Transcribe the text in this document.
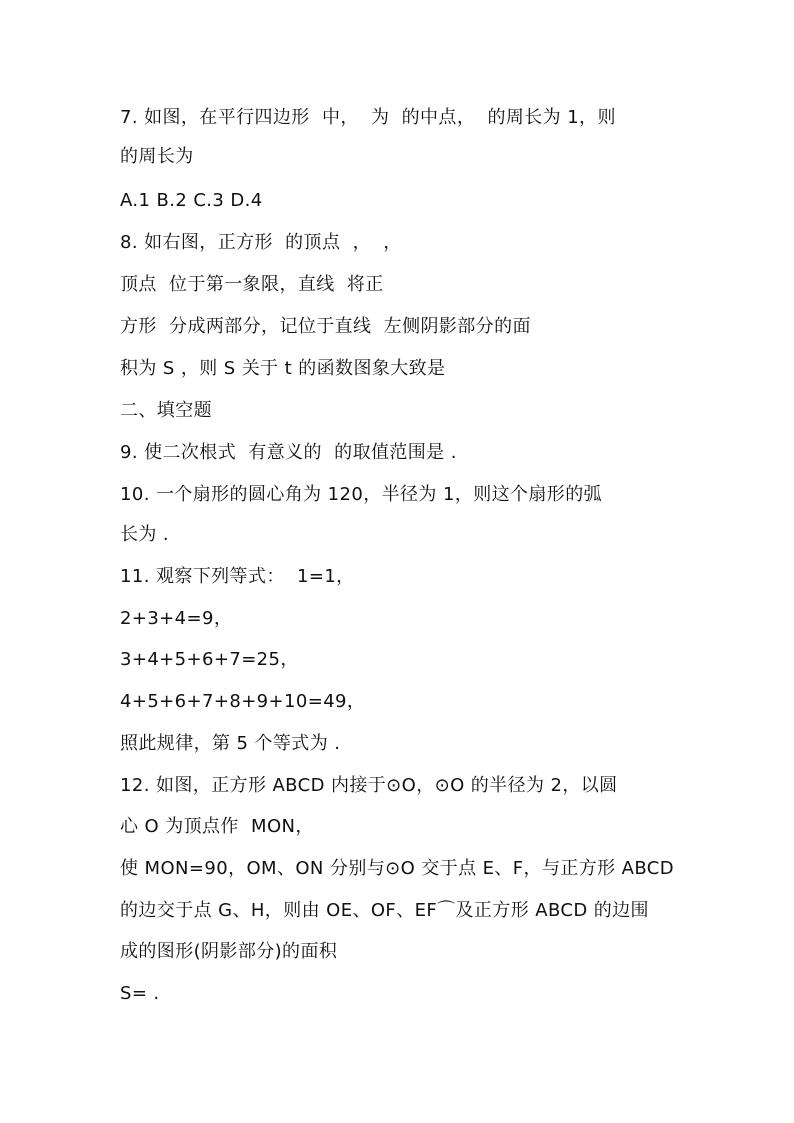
7. 如图，在平行四边形  中，  为  的中点，  的周长为 1，则
的周长为
A.1 B.2 C.3 D.4
8. 如右图，正方形  的顶点  ，  ，
顶点  位于第一象限，直线  将正
方形  分成两部分，记位于直线  左侧阴影部分的面
积为 S ，则 S 关于 t 的函数图象大致是
二、填空题
9. 使二次根式  有意义的  的取值范围是 .
10. 一个扇形的圆心角为 120，半径为 1，则这个扇形的弧
长为 .
11. 观察下列等式：  1=1，
2+3+4=9，
3+4+5+6+7=25，
4+5+6+7+8+9+10=49，
照此规律，第 5 个等式为 .
12. 如图，正方形 ABCD 内接于⊙O，⊙O 的半径为 2，以圆
心 O 为顶点作  MON，
使 MON=90，OM、ON 分别与⊙O 交于点 E、F，与正方形 ABCD
的边交于点 G、H，则由 OE、OF、EF⌒及正方形 ABCD 的边围
成的图形(阴影部分)的面积
S= .
